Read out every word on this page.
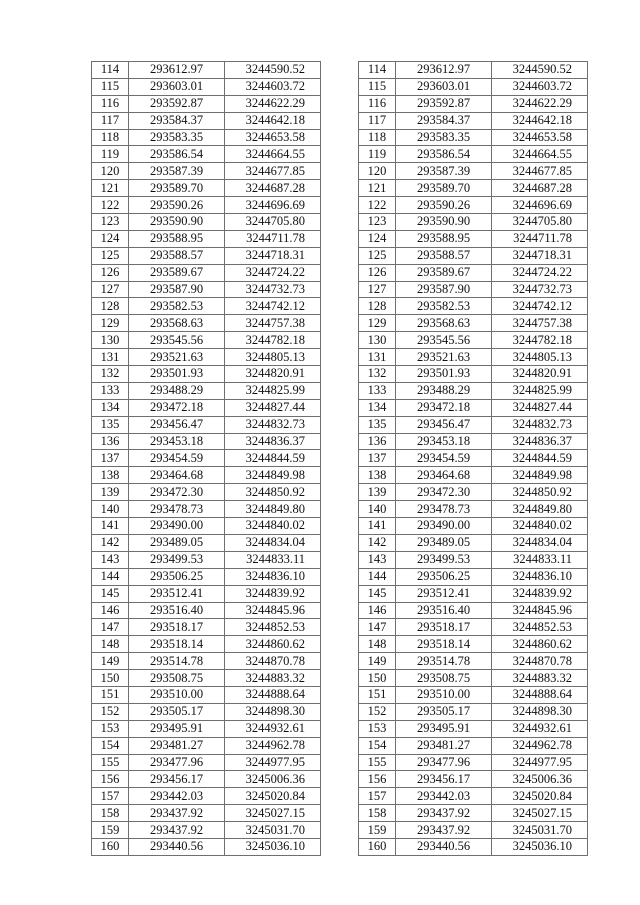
114	293612.97	3244590.52
115	293603.01	3244603.72
116	293592.87	3244622.29
117	293584.37	3244642.18
118	293583.35	3244653.58
119	293586.54	3244664.55
120	293587.39	3244677.85
121	293589.70	3244687.28
122	293590.26	3244696.69
123	293590.90	3244705.80
124	293588.95	3244711.78
125	293588.57	3244718.31
126	293589.67	3244724.22
127	293587.90	3244732.73
128	293582.53	3244742.12
129	293568.63	3244757.38
130	293545.56	3244782.18
131	293521.63	3244805.13
132	293501.93	3244820.91
133	293488.29	3244825.99
134	293472.18	3244827.44
135	293456.47	3244832.73
136	293453.18	3244836.37
137	293454.59	3244844.59
138	293464.68	3244849.98
139	293472.30	3244850.92
140	293478.73	3244849.80
141	293490.00	3244840.02
142	293489.05	3244834.04
143	293499.53	3244833.11
144	293506.25	3244836.10
145	293512.41	3244839.92
146	293516.40	3244845.96
147	293518.17	3244852.53
148	293518.14	3244860.62
149	293514.78	3244870.78
150	293508.75	3244883.32
151	293510.00	3244888.64
152	293505.17	3244898.30
153	293495.91	3244932.61
154	293481.27	3244962.78
155	293477.96	3244977.95
156	293456.17	3245006.36
157	293442.03	3245020.84
158	293437.92	3245027.15
159	293437.92	3245031.70
160	293440.56	3245036.10
114	293612.97	3244590.52
115	293603.01	3244603.72
116	293592.87	3244622.29
117	293584.37	3244642.18
118	293583.35	3244653.58
119	293586.54	3244664.55
120	293587.39	3244677.85
121	293589.70	3244687.28
122	293590.26	3244696.69
123	293590.90	3244705.80
124	293588.95	3244711.78
125	293588.57	3244718.31
126	293589.67	3244724.22
127	293587.90	3244732.73
128	293582.53	3244742.12
129	293568.63	3244757.38
130	293545.56	3244782.18
131	293521.63	3244805.13
132	293501.93	3244820.91
133	293488.29	3244825.99
134	293472.18	3244827.44
135	293456.47	3244832.73
136	293453.18	3244836.37
137	293454.59	3244844.59
138	293464.68	3244849.98
139	293472.30	3244850.92
140	293478.73	3244849.80
141	293490.00	3244840.02
142	293489.05	3244834.04
143	293499.53	3244833.11
144	293506.25	3244836.10
145	293512.41	3244839.92
146	293516.40	3244845.96
147	293518.17	3244852.53
148	293518.14	3244860.62
149	293514.78	3244870.78
150	293508.75	3244883.32
151	293510.00	3244888.64
152	293505.17	3244898.30
153	293495.91	3244932.61
154	293481.27	3244962.78
155	293477.96	3244977.95
156	293456.17	3245006.36
157	293442.03	3245020.84
158	293437.92	3245027.15
159	293437.92	3245031.70
160	293440.56	3245036.10
